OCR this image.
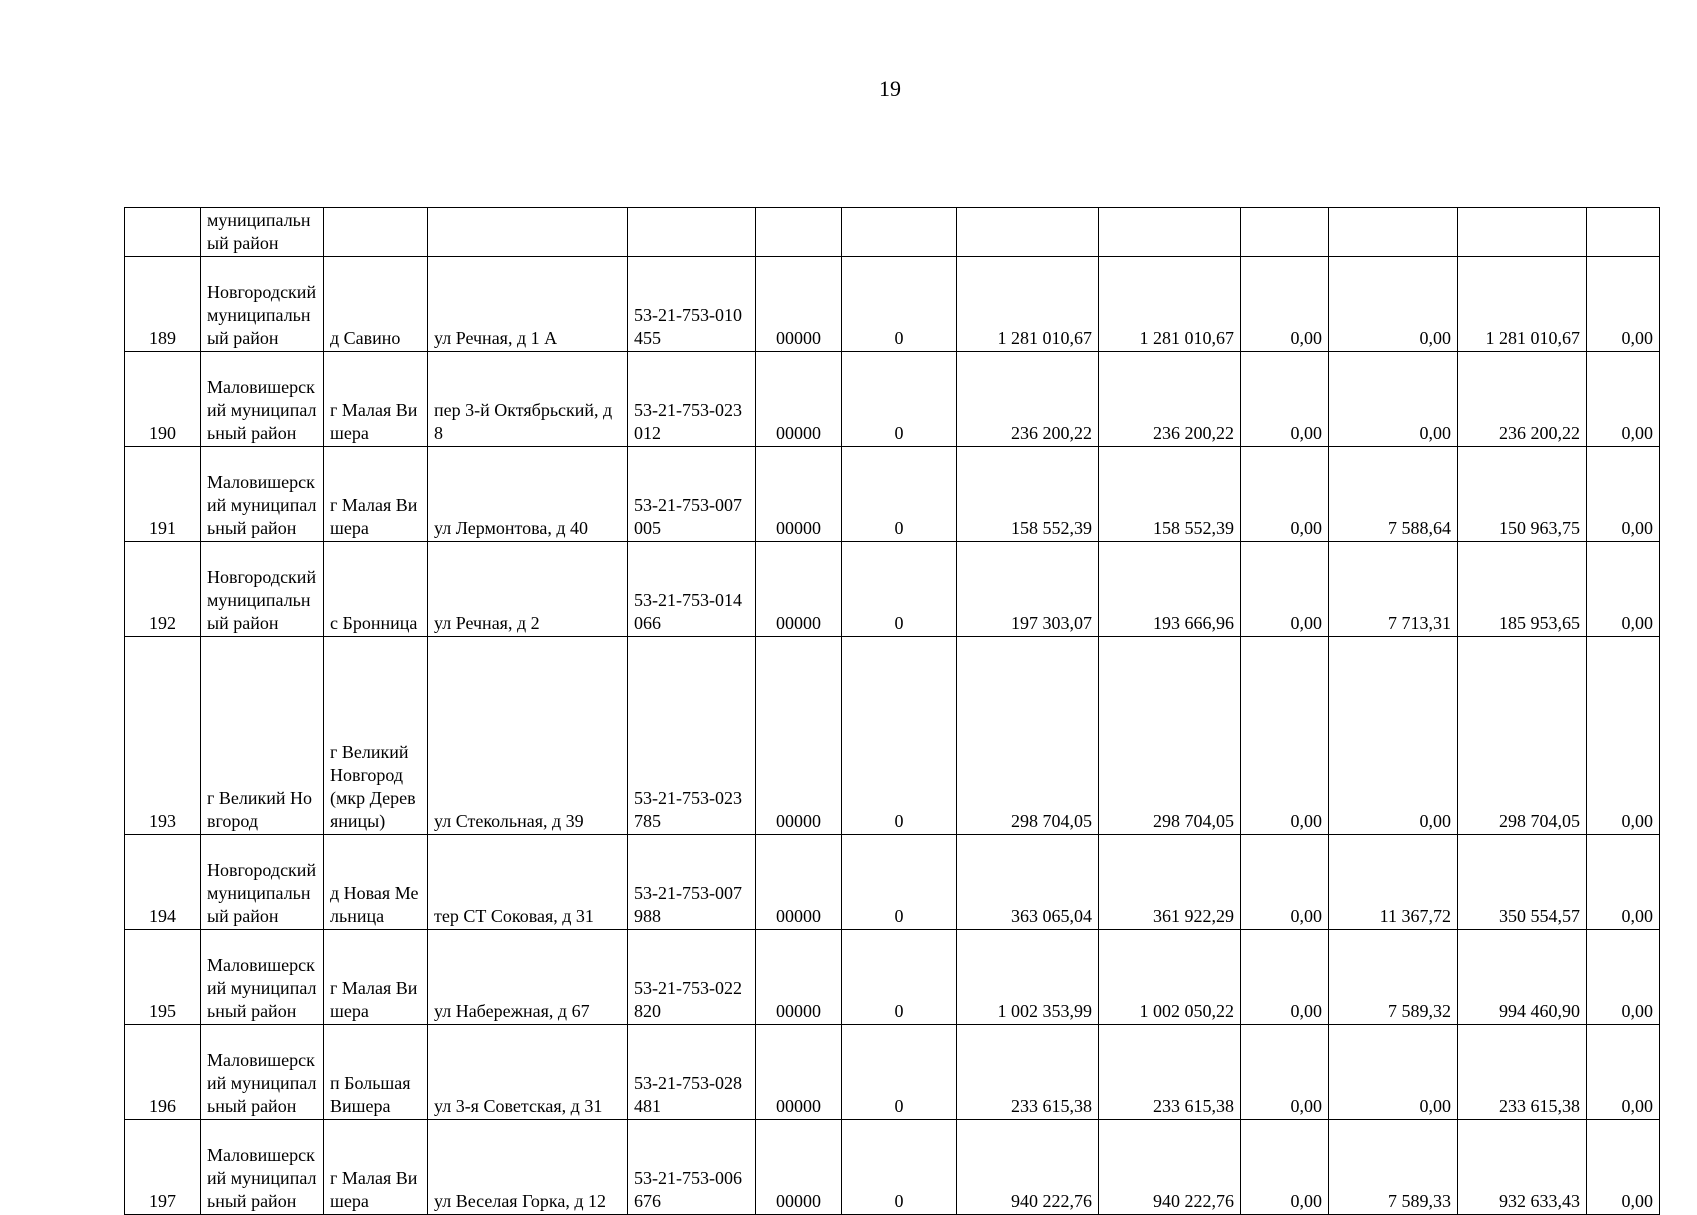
19
	муниципальный район											
189	Новгородский муниципальный район	д Савино	ул Речная, д 1 А	53-21-753-010455	00000	0	1 281 010,67	1 281 010,67	0,00	0,00	1 281 010,67	0,00
190	Маловишерский муниципальный район	г Малая Вишера	пер 3-й Октябрьский, д 8	53-21-753-023012	00000	0	236 200,22	236 200,22	0,00	0,00	236 200,22	0,00
191	Маловишерский муниципальный район	г Малая Вишера	ул Лермонтова, д 40	53-21-753-007005	00000	0	158 552,39	158 552,39	0,00	7 588,64	150 963,75	0,00
192	Новгородский муниципальный район	с Бронница	ул Речная, д 2	53-21-753-014066	00000	0	197 303,07	193 666,96	0,00	7 713,31	185 953,65	0,00
193	г Великий Новгород	г Великий Новгород (мкр Деревяницы)	ул Стекольная, д 39	53-21-753-023785	00000	0	298 704,05	298 704,05	0,00	0,00	298 704,05	0,00
194	Новгородский муниципальный район	д Новая Мельница	тер СТ Соковая, д 31	53-21-753-007988	00000	0	363 065,04	361 922,29	0,00	11 367,72	350 554,57	0,00
195	Маловишерский муниципальный район	г Малая Вишера	ул Набережная, д 67	53-21-753-022820	00000	0	1 002 353,99	1 002 050,22	0,00	7 589,32	994 460,90	0,00
196	Маловишерский муниципальный район	п Большая Вишера	ул 3-я Советская, д 31	53-21-753-028481	00000	0	233 615,38	233 615,38	0,00	0,00	233 615,38	0,00
197	Маловишерский муниципальный район	г Малая Вишера	ул Веселая Горка, д 12	53-21-753-006676	00000	0	940 222,76	940 222,76	0,00	7 589,33	932 633,43	0,00
